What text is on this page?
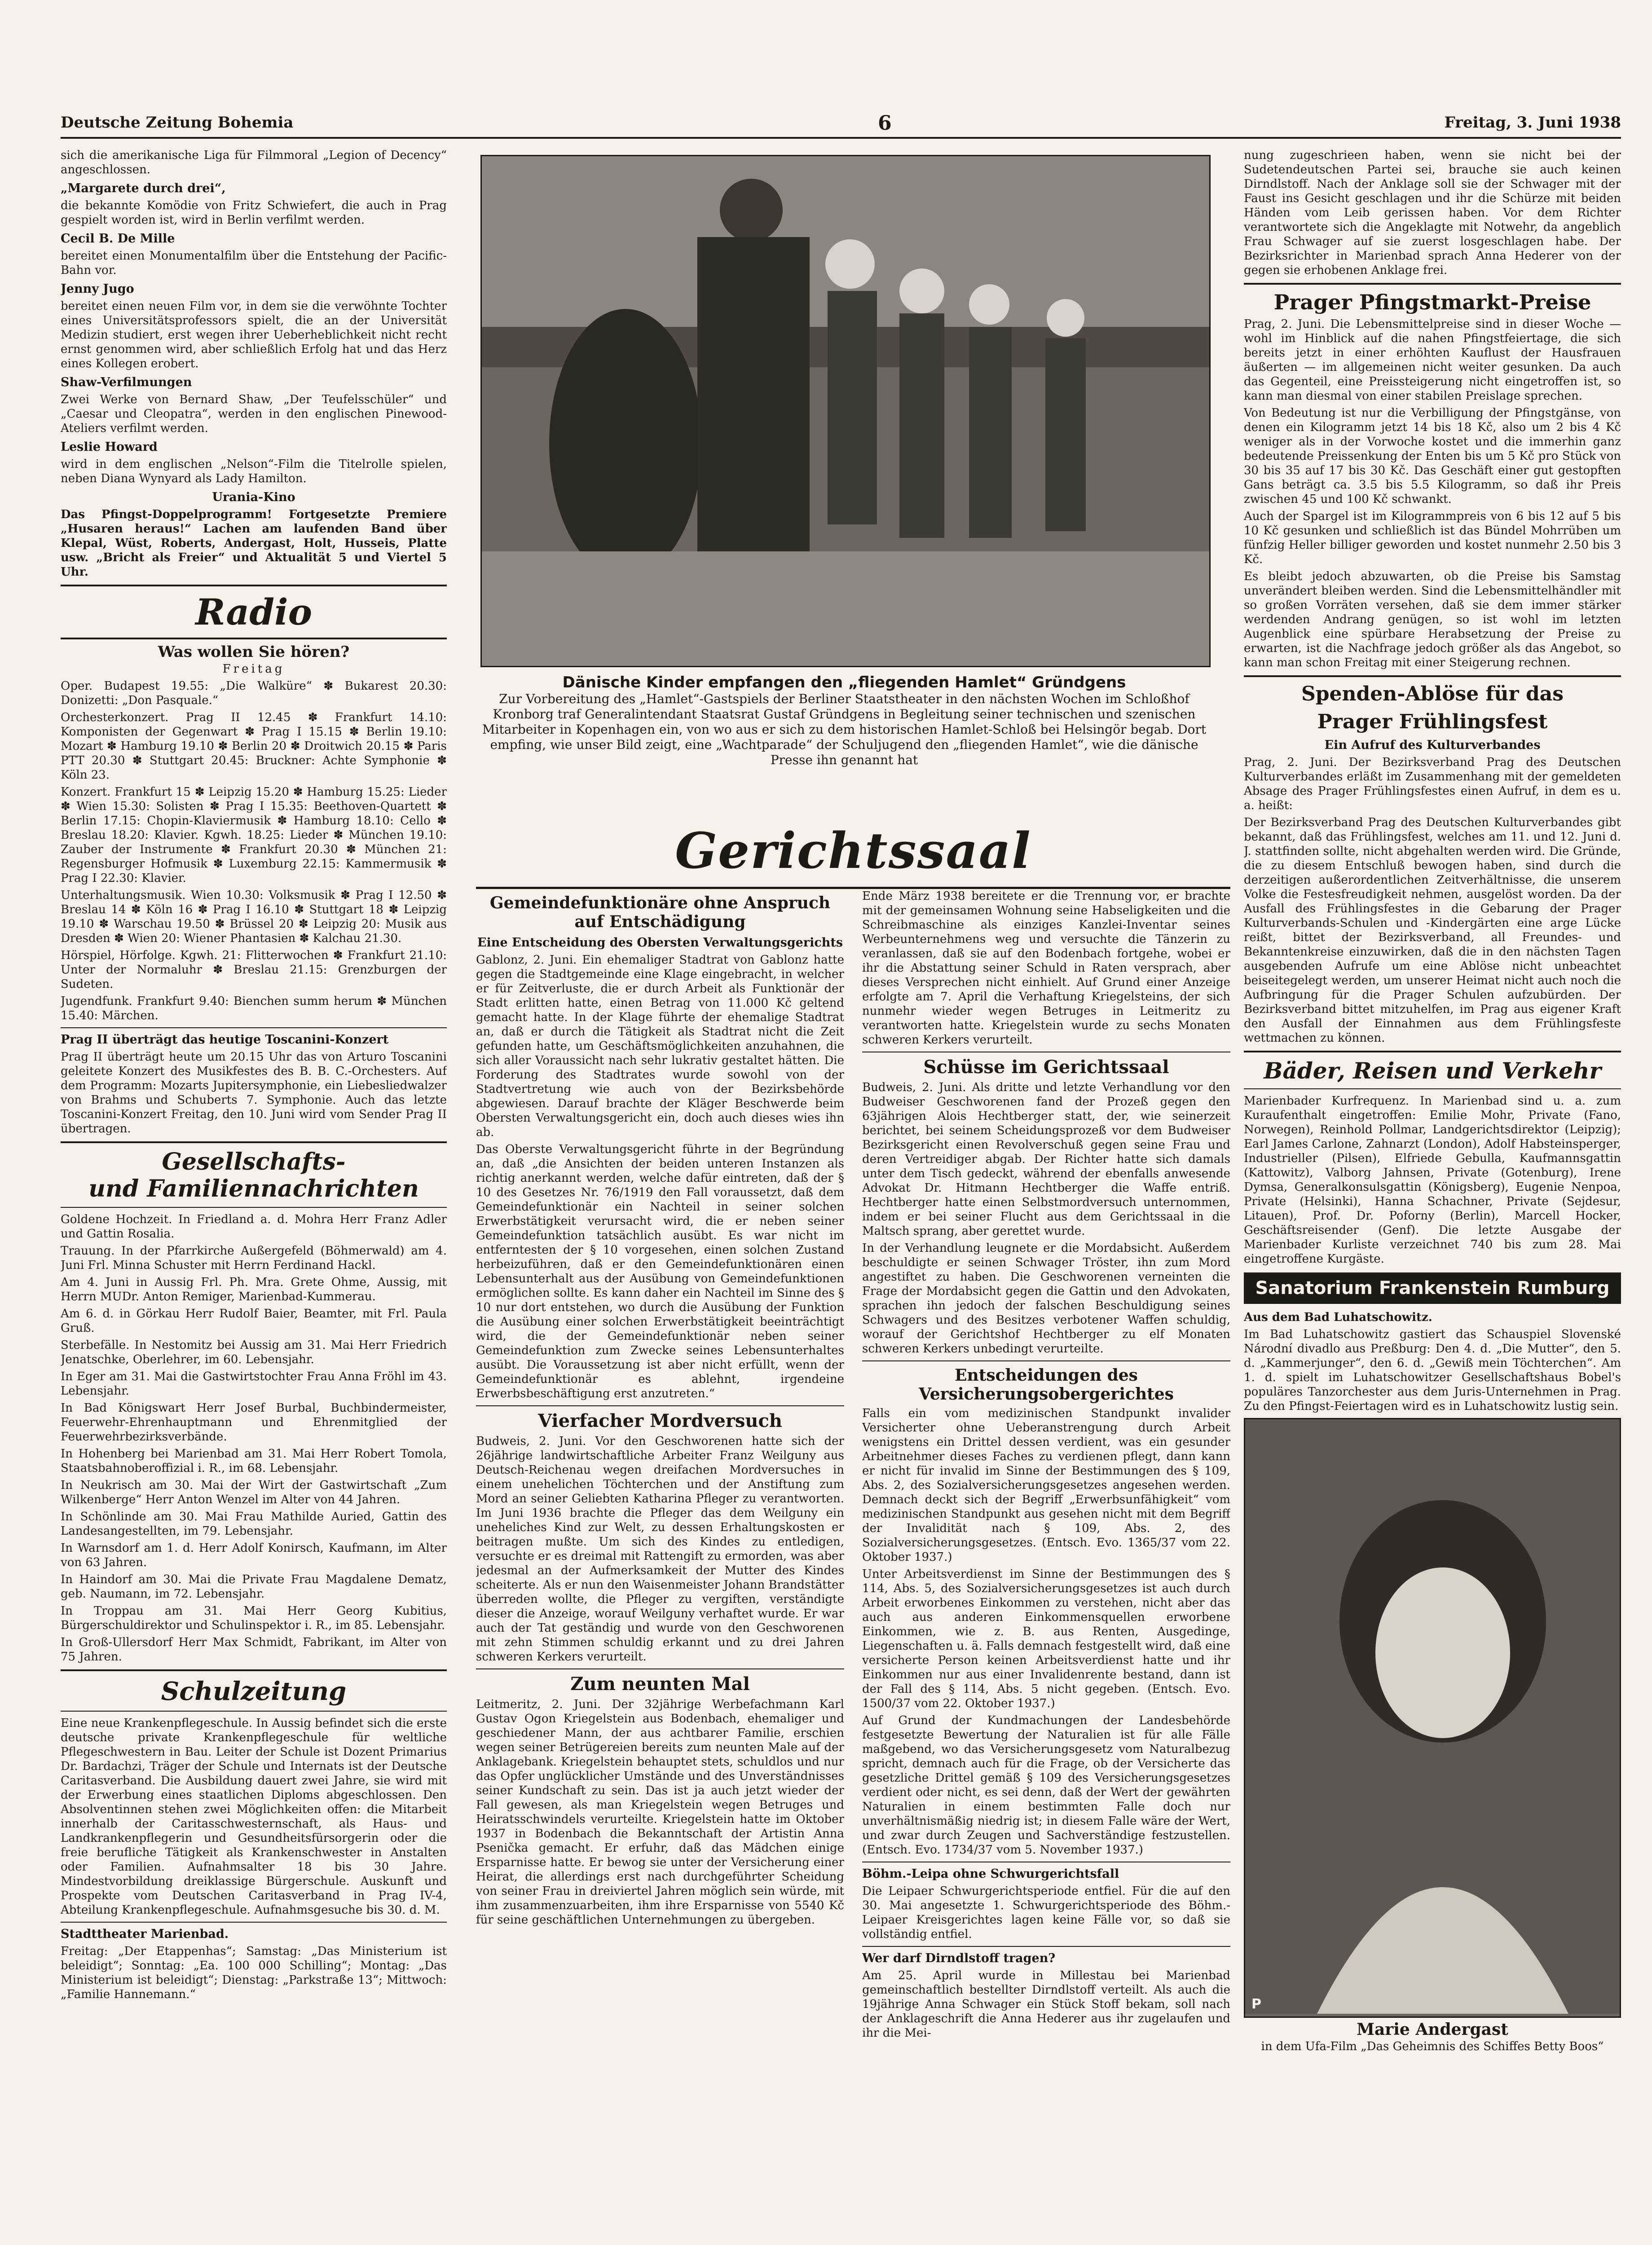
Deutsche Zeitung Bohemia	6	Freitag, 3. Juni 1938

sich die amerikanische Liga für Filmmoral „Legion of Decency“ angeschlossen.

„Margarete durch drei“,

die bekannte Komödie von Fritz Schwiefert, die auch in Prag gespielt worden ist, wird in Berlin verfilmt werden.

Cecil B. De Mille

bereitet einen Monumentalfilm über die Entstehung der Pacific-Bahn vor.

Jenny Jugo

bereitet einen neuen Film vor, in dem sie die verwöhnte Tochter eines Universitätsprofessors spielt, die an der Universität Medizin studiert, erst wegen ihrer Ueberheblichkeit nicht recht ernst genommen wird, aber schließlich Erfolg hat und das Herz eines Kollegen erobert.

Shaw-Verfilmungen

Zwei Werke von Bernard Shaw, „Der Teufelsschüler“ und „Caesar und Cleopatra“, werden in den englischen Pinewood-Ateliers verfilmt werden.

Leslie Howard

wird in dem englischen „Nelson“-Film die Titelrolle spielen, neben Diana Wynyard als Lady Hamilton.

Urania-Kino

Das Pfingst-Doppelprogramm! Fortgesetzte Premiere „Husaren heraus!“ Lachen am laufenden Band über Klepal, Wüst, Roberts, Andergast, Holt, Husseis, Platte usw. „Bricht als Freier“ und Aktualität 5 und Viertel 5 Uhr.

Radio

Was wollen Sie hören?

Freitag

Oper. Budapest 19.55: „Die Walküre“ ✽ Bukarest 20.30: Donizetti: „Don Pasquale.“

Orchesterkonzert. Prag II 12.45 ✽ Frankfurt 14.10: Komponisten der Gegenwart ✽ Prag I 15.15 ✽ Berlin 19.10: Mozart ✽ Hamburg 19.10 ✽ Berlin 20 ✽ Droitwich 20.15 ✽ Paris PTT 20.30 ✽ Stuttgart 20.45: Bruckner: Achte Symphonie ✽ Köln 23.

Konzert. Frankfurt 15 ✽ Leipzig 15.20 ✽ Hamburg 15.25: Lieder ✽ Wien 15.30: Solisten ✽ Prag I 15.35: Beethoven-Quartett ✽ Berlin 17.15: Chopin-Klaviermusik ✽ Hamburg 18.10: Cello ✽ Breslau 18.20: Klavier. Kgwh. 18.25: Lieder ✽ München 19.10: Zauber der Instrumente ✽ Frankfurt 20.30 ✽ München 21: Regensburger Hofmusik ✽ Luxemburg 22.15: Kammermusik ✽ Prag I 22.30: Klavier.

Unterhaltungsmusik. Wien 10.30: Volksmusik ✽ Prag I 12.50 ✽ Breslau 14 ✽ Köln 16 ✽ Prag I 16.10 ✽ Stuttgart 18 ✽ Leipzig 19.10 ✽ Warschau 19.50 ✽ Brüssel 20 ✽ Leipzig 20: Musik aus Dresden ✽ Wien 20: Wiener Phantasien ✽ Kalchau 21.30.

Hörspiel, Hörfolge. Kgwh. 21: Flitterwochen ✽ Frankfurt 21.10: Unter der Normaluhr ✽ Breslau 21.15: Grenzburgen der Sudeten.

Jugendfunk. Frankfurt 9.40: Bienchen summ herum ✽ München 15.40: Märchen.

Prag II überträgt das heutige Toscanini-Konzert

Prag II überträgt heute um 20.15 Uhr das von Arturo Toscanini geleitete Konzert des Musikfestes des B. B. C.-Orchesters. Auf dem Programm: Mozarts Jupitersymphonie, ein Liebesliedwalzer von Brahms und Schuberts 7. Symphonie. Auch das letzte Toscanini-Konzert Freitag, den 10. Juni wird vom Sender Prag II übertragen.

Gesellschafts-
und Familiennachrichten

Goldene Hochzeit. In Friedland a. d. Mohra Herr Franz Adler und Gattin Rosalia.

Trauung. In der Pfarrkirche Außergefeld (Böhmerwald) am 4. Juni Frl. Minna Schuster mit Herrn Ferdinand Hackl.

Am 4. Juni in Aussig Frl. Ph. Mra. Grete Ohme, Aussig, mit Herrn MUDr. Anton Remiger, Marienbad-Kummerau.

Am 6. d. in Görkau Herr Rudolf Baier, Beamter, mit Frl. Paula Gruß.

Sterbefälle. In Nestomitz bei Aussig am 31. Mai Herr Friedrich Jenatschke, Oberlehrer, im 60. Lebensjahr.

In Eger am 31. Mai die Gastwirtstochter Frau Anna Fröhl im 43. Lebensjahr.

In Bad Königswart Herr Josef Burbal, Buchbindermeister, Feuerwehr-Ehrenhauptmann und Ehrenmitglied der Feuerwehrbezirksverbände.

In Hohenberg bei Marienbad am 31. Mai Herr Robert Tomola, Staatsbahnoberoffizial i. R., im 68. Lebensjahr.

In Neukrisch am 30. Mai der Wirt der Gastwirtschaft „Zum Wilkenberge“ Herr Anton Wenzel im Alter von 44 Jahren.

In Schönlinde am 30. Mai Frau Mathilde Auried, Gattin des Landesangestellten, im 79. Lebensjahr.

In Warnsdorf am 1. d. Herr Adolf Konirsch, Kaufmann, im Alter von 63 Jahren.

In Haindorf am 30. Mai die Private Frau Magdalene Dematz, geb. Naumann, im 72. Lebensjahr.

In Troppau am 31. Mai Herr Georg Kubitius, Bürgerschuldirektor und Schulinspektor i. R., im 85. Lebensjahr.

In Groß-Ullersdorf Herr Max Schmidt, Fabrikant, im Alter von 75 Jahren.

Schulzeitung

Eine neue Krankenpflegeschule. In Aussig befindet sich die erste deutsche private Krankenpflegeschule für weltliche Pflegeschwestern in Bau. Leiter der Schule ist Dozent Primarius Dr. Bardachzi, Träger der Schule und Internats ist der Deutsche Caritasverband. Die Ausbildung dauert zwei Jahre, sie wird mit der Erwerbung eines staatlichen Diploms abgeschlossen. Den Absolventinnen stehen zwei Möglichkeiten offen: die Mitarbeit innerhalb der Caritasschwesternschaft, als Haus- und Landkrankenpflegerin und Gesundheitsfürsorgerin oder die freie berufliche Tätigkeit als Krankenschwester in Anstalten oder Familien. Aufnahmsalter 18 bis 30 Jahre. Mindestvorbildung dreiklassige Bürgerschule. Auskunft und Prospekte vom Deutschen Caritasverband in Prag IV-4, Abteilung Krankenpflegeschule. Aufnahmsgesuche bis 30. d. M.

Stadttheater Marienbad.

Freitag: „Der Etappenhas“; Samstag: „Das Ministerium ist beleidigt“; Sonntag: „Ea. 100 000 Schilling“; Montag: „Das Ministerium ist beleidigt“; Dienstag: „Parkstraße 13“; Mittwoch: „Familie Hannemann.“

Dänische Kinder empfangen den „fliegenden Hamlet“ Gründgens

Zur Vorbereitung des „Hamlet“-Gastspiels der Berliner Staatstheater in den nächsten Wochen im Schloßhof Kronborg traf Generalintendant Staatsrat Gustaf Gründgens in Begleitung seiner technischen und szenischen Mitarbeiter in Kopenhagen ein, von wo aus er sich zu dem historischen Hamlet-Schloß bei Helsingör begab. Dort empfing, wie unser Bild zeigt, eine „Wachtparade“ der Schuljugend den „fliegenden Hamlet“, wie die dänische Presse ihn genannt hat

Gerichtssaal

Gemeindefunktionäre ohne Anspruch auf Entschädigung

Eine Entscheidung des Obersten Verwaltungsgerichts

Gablonz, 2. Juni. Ein ehemaliger Stadtrat von Gablonz hatte gegen die Stadtgemeinde eine Klage eingebracht, in welcher er für Zeitverluste, die er durch Arbeit als Funktionär der Stadt erlitten hatte, einen Betrag von 11.000 Kč geltend gemacht hatte. In der Klage führte der ehemalige Stadtrat an, daß er durch die Tätigkeit als Stadtrat nicht die Zeit gefunden hatte, um Geschäftsmöglichkeiten anzuhahnen, die sich aller Voraussicht nach sehr lukrativ gestaltet hätten. Die Forderung des Stadtrates wurde sowohl von der Stadtvertretung wie auch von der Bezirksbehörde abgewiesen. Darauf brachte der Kläger Beschwerde beim Obersten Verwaltungsgericht ein, doch auch dieses wies ihn ab.

Das Oberste Verwaltungsgericht führte in der Begründung an, daß „die Ansichten der beiden unteren Instanzen als richtig anerkannt werden, welche dafür eintreten, daß der § 10 des Gesetzes Nr. 76/1919 den Fall voraussetzt, daß dem Gemeindefunktionär ein Nachteil in seiner solchen Erwerbstätigkeit verursacht wird, die er neben seiner Gemeindefunktion tatsächlich ausübt. Es war nicht im entferntesten der § 10 vorgesehen, einen solchen Zustand herbeizuführen, daß er den Gemeindefunktionären einen Lebensunterhalt aus der Ausübung von Gemeindefunktionen ermöglichen sollte. Es kann daher ein Nachteil im Sinne des § 10 nur dort entstehen, wo durch die Ausübung der Funktion die Ausübung einer solchen Erwerbstätigkeit beeinträchtigt wird, die der Gemeindefunktionär neben seiner Gemeindefunktion zum Zwecke seines Lebensunterhaltes ausübt. Die Voraussetzung ist aber nicht erfüllt, wenn der Gemeindefunktionär es ablehnt, irgendeine Erwerbsbeschäftigung erst anzutreten.“

Vierfacher Mordversuch

Budweis, 2. Juni. Vor den Geschworenen hatte sich der 26jährige landwirtschaftliche Arbeiter Franz Weilguny aus Deutsch-Reichenau wegen dreifachen Mordversuches in einem unehelichen Töchterchen und der Anstiftung zum Mord an seiner Geliebten Katharina Pfleger zu verantworten. Im Juni 1936 brachte die Pfleger das dem Weilguny ein uneheliches Kind zur Welt, zu dessen Erhaltungskosten er beitragen mußte. Um sich des Kindes zu entledigen, versuchte er es dreimal mit Rattengift zu ermorden, was aber jedesmal an der Aufmerksamkeit der Mutter des Kindes scheiterte. Als er nun den Waisenmeister Johann Brandstätter überreden wollte, die Pfleger zu vergiften, verständigte dieser die Anzeige, worauf Weilguny verhaftet wurde. Er war auch der Tat geständig und wurde von den Geschworenen mit zehn Stimmen schuldig erkannt und zu drei Jahren schweren Kerkers verurteilt.

Zum neunten Mal

Leitmeritz, 2. Juni. Der 32jährige Werbefachmann Karl Gustav Ogon Kriegelstein aus Bodenbach, ehemaliger und geschiedener Mann, der aus achtbarer Familie, erschien wegen seiner Betrügereien bereits zum neunten Male auf der Anklagebank. Kriegelstein behauptet stets, schuldlos und nur das Opfer unglücklicher Umstände und des Unverständnisses seiner Kundschaft zu sein. Das ist ja auch jetzt wieder der Fall gewesen, als man Kriegelstein wegen Betruges und Heiratsschwindels verurteilte. Kriegelstein hatte im Oktober 1937 in Bodenbach die Bekanntschaft der Artistin Anna Psenička gemacht. Er erfuhr, daß das Mädchen einige Ersparnisse hatte. Er bewog sie unter der Versicherung einer Heirat, die allerdings erst nach durchgeführter Scheidung von seiner Frau in dreiviertel Jahren möglich sein würde, mit ihm zusammenzuarbeiten, ihm ihre Ersparnisse von 5540 Kč für seine geschäftlichen Unternehmungen zu übergeben.

Ende März 1938 bereitete er die Trennung vor, er brachte mit der gemeinsamen Wohnung seine Habseligkeiten und die Schreibmaschine als einziges Kanzlei-Inventar seines Werbeunternehmens weg und versuchte die Tänzerin zu veranlassen, daß sie auf den Bodenbach fortgehe, wobei er ihr die Abstattung seiner Schuld in Raten versprach, aber dieses Versprechen nicht einhielt. Auf Grund einer Anzeige erfolgte am 7. April die Verhaftung Kriegelsteins, der sich nunmehr wieder wegen Betruges in Leitmeritz zu verantworten hatte. Kriegelstein wurde zu sechs Monaten schweren Kerkers verurteilt.

Schüsse im Gerichtssaal

Budweis, 2. Juni. Als dritte und letzte Verhandlung vor den Budweiser Geschworenen fand der Prozeß gegen den 63jährigen Alois Hechtberger statt, der, wie seinerzeit berichtet, bei seinem Scheidungsprozeß vor dem Budweiser Bezirksgericht einen Revolverschuß gegen seine Frau und deren Vertreidiger abgab. Der Richter hatte sich damals unter dem Tisch gedeckt, während der ebenfalls anwesende Advokat Dr. Hitmann Hechtberger die Waffe entriß. Hechtberger hatte einen Selbstmordversuch unternommen, indem er bei seiner Flucht aus dem Gerichtssaal in die Maltsch sprang, aber gerettet wurde.

In der Verhandlung leugnete er die Mordabsicht. Außerdem beschuldigte er seinen Schwager Tröster, ihn zum Mord angestiftet zu haben. Die Geschworenen verneinten die Frage der Mordabsicht gegen die Gattin und den Advokaten, sprachen ihn jedoch der falschen Beschuldigung seines Schwagers und des Besitzes verbotener Waffen schuldig, worauf der Gerichtshof Hechtberger zu elf Monaten schweren Kerkers unbedingt verurteilte.

Entscheidungen des Versicherungsobergerichtes

Falls ein vom medizinischen Standpunkt invalider Versicherter ohne Ueberanstrengung durch Arbeit wenigstens ein Drittel dessen verdient, was ein gesunder Arbeitnehmer dieses Faches zu verdienen pflegt, dann kann er nicht für invalid im Sinne der Bestimmungen des § 109, Abs. 2, des Sozialversicherungsgesetzes angesehen werden. Demnach deckt sich der Begriff „Erwerbsunfähigkeit“ vom medizinischen Standpunkt aus gesehen nicht mit dem Begriff der Invalidität nach § 109, Abs. 2, des Sozialversicherungsgesetzes. (Entsch. Evo. 1365/37 vom 22. Oktober 1937.)

Unter Arbeitsverdienst im Sinne der Bestimmungen des § 114, Abs. 5, des Sozialversicherungsgesetzes ist auch durch Arbeit erworbenes Einkommen zu verstehen, nicht aber das auch aus anderen Einkommensquellen erworbene Einkommen, wie z. B. aus Renten, Ausgedinge, Liegenschaften u. ä. Falls demnach festgestellt wird, daß eine versicherte Person keinen Arbeitsverdienst hatte und ihr Einkommen nur aus einer Invalidenrente bestand, dann ist der Fall des § 114, Abs. 5 nicht gegeben. (Entsch. Evo. 1500/37 vom 22. Oktober 1937.)

Auf Grund der Kundmachungen der Landesbehörde festgesetzte Bewertung der Naturalien ist für alle Fälle maßgebend, wo das Versicherungsgesetz vom Naturalbezug spricht, demnach auch für die Frage, ob der Versicherte das gesetzliche Drittel gemäß § 109 des Versicherungsgesetzes verdient oder nicht, es sei denn, daß der Wert der gewährten Naturalien in einem bestimmten Falle doch nur unverhältnismäßig niedrig ist; in diesem Falle wäre der Wert, und zwar durch Zeugen und Sachverständige festzustellen. (Entsch. Evo. 1734/37 vom 5. November 1937.)

Böhm.-Leipa ohne Schwurgerichtsfall

Die Leipaer Schwurgerichtsperiode entfiel. Für die auf den 30. Mai angesetzte 1. Schwurgerichtsperiode des Böhm.-Leipaer Kreisgerichtes lagen keine Fälle vor, so daß sie vollständig entfiel.

Wer darf Dirndlstoff tragen?

Am 25. April wurde in Millestau bei Marienbad gemeinschaftlich bestellter Dirndlstoff verteilt. Als auch die 19jährige Anna Schwager ein Stück Stoff bekam, soll nach der Anklageschrift die Anna Hederer aus ihr zugelaufen und ihr die Mei-

nung zugeschrieen haben, wenn sie nicht bei der Sudetendeutschen Partei sei, brauche sie auch keinen Dirndlstoff. Nach der Anklage soll sie der Schwager mit der Faust ins Gesicht geschlagen und ihr die Schürze mit beiden Händen vom Leib gerissen haben. Vor dem Richter verantwortete sich die Angeklagte mit Notwehr, da angeblich Frau Schwager auf sie zuerst losgeschlagen habe. Der Bezirksrichter in Marienbad sprach Anna Hederer von der gegen sie erhobenen Anklage frei.

Prager Pfingstmarkt-Preise

Prag, 2. Juni. Die Lebensmittelpreise sind in dieser Woche — wohl im Hinblick auf die nahen Pfingstfeiertage, die sich bereits jetzt in einer erhöhten Kauflust der Hausfrauen äußerten — im allgemeinen nicht weiter gesunken. Da auch das Gegenteil, eine Preissteigerung nicht eingetroffen ist, so kann man diesmal von einer stabilen Preislage sprechen.

Von Bedeutung ist nur die Verbilligung der Pfingstgänse, von denen ein Kilogramm jetzt 14 bis 18 Kč, also um 2 bis 4 Kč weniger als in der Vorwoche kostet und die immerhin ganz bedeutende Preissenkung der Enten bis um 5 Kč pro Stück von 30 bis 35 auf 17 bis 30 Kč. Das Geschäft einer gut gestopften Gans beträgt ca. 3.5 bis 5.5 Kilogramm, so daß ihr Preis zwischen 45 und 100 Kč schwankt.

Auch der Spargel ist im Kilogrammpreis von 6 bis 12 auf 5 bis 10 Kč gesunken und schließlich ist das Bündel Mohrrüben um fünfzig Heller billiger geworden und kostet nunmehr 2.50 bis 3 Kč.

Es bleibt jedoch abzuwarten, ob die Preise bis Samstag unverändert bleiben werden. Sind die Lebensmittelhändler mit so großen Vorräten versehen, daß sie dem immer stärker werdenden Andrang genügen, so ist wohl im letzten Augenblick eine spürbare Herabsetzung der Preise zu erwarten, ist die Nachfrage jedoch größer als das Angebot, so kann man schon Freitag mit einer Steigerung rechnen.

Spenden-Ablöse für das

Prager Frühlingsfest

Ein Aufruf des Kulturverbandes

Prag, 2. Juni. Der Bezirksverband Prag des Deutschen Kulturverbandes erläßt im Zusammenhang mit der gemeldeten Absage des Prager Frühlingsfestes einen Aufruf, in dem es u. a. heißt:

Der Bezirksverband Prag des Deutschen Kulturverbandes gibt bekannt, daß das Frühlingsfest, welches am 11. und 12. Juni d. J. stattfinden sollte, nicht abgehalten werden wird. Die Gründe, die zu diesem Entschluß bewogen haben, sind durch die derzeitigen außerordentlichen Zeitverhältnisse, die unserem Volke die Festesfreudigkeit nehmen, ausgelöst worden. Da der Ausfall des Frühlingsfestes in die Gebarung der Prager Kulturverbands-Schulen und -Kindergärten eine arge Lücke reißt, bittet der Bezirksverband, all Freundes- und Bekanntenkreise einzuwirken, daß die in den nächsten Tagen ausgebenden Aufrufe um eine Ablöse nicht unbeachtet beiseitegelegt werden, um unserer Heimat nicht auch noch die Aufbringung für die Prager Schulen aufzubürden. Der Bezirksverband bittet mitzuhelfen, im Prag aus eigener Kraft den Ausfall der Einnahmen aus dem Frühlingsfeste wettmachen zu können.

Bäder, Reisen und Verkehr

Marienbader Kurfrequenz. In Marienbad sind u. a. zum Kuraufenthalt eingetroffen: Emilie Mohr, Private (Fano, Norwegen), Reinhold Pollmar, Landgerichtsdirektor (Leipzig); Earl James Carlone, Zahnarzt (London), Adolf Habsteinsperger, Industrieller (Pilsen), Elfriede Gebulla, Kaufmannsgattin (Kattowitz), Valborg Jahnsen, Private (Gotenburg), Irene Dymsa, Generalkonsulsgattin (Königsberg), Eugenie Nenpoa, Private (Helsinki), Hanna Schachner, Private (Sejdesur, Litauen), Prof. Dr. Poforny (Berlin), Marcell Hocker, Geschäftsreisender (Genf). Die letzte Ausgabe der Marienbader Kurliste verzeichnet 740 bis zum 28. Mai eingetroffene Kurgäste.

Sanatorium Frankenstein Rumburg

Aus dem Bad Luhatschowitz.

Im Bad Luhatschowitz gastiert das Schauspiel Slovenské Národní divadlo aus Preßburg: Den 4. d. „Die Mutter“, den 5. d. „Kammerjunger“, den 6. d. „Gewiß mein Töchterchen“. Am 1. d. spielt im Luhatschowitzer Gesellschaftshaus Bobel's populäres Tanzorchester aus dem Juris-Unternehmen in Prag. Zu den Pfingst-Feiertagen wird es in Luhatschowitz lustig sein.

P

Marie Andergast

in dem Ufa-Film „Das Geheimnis des Schiffes Betty Boos“
